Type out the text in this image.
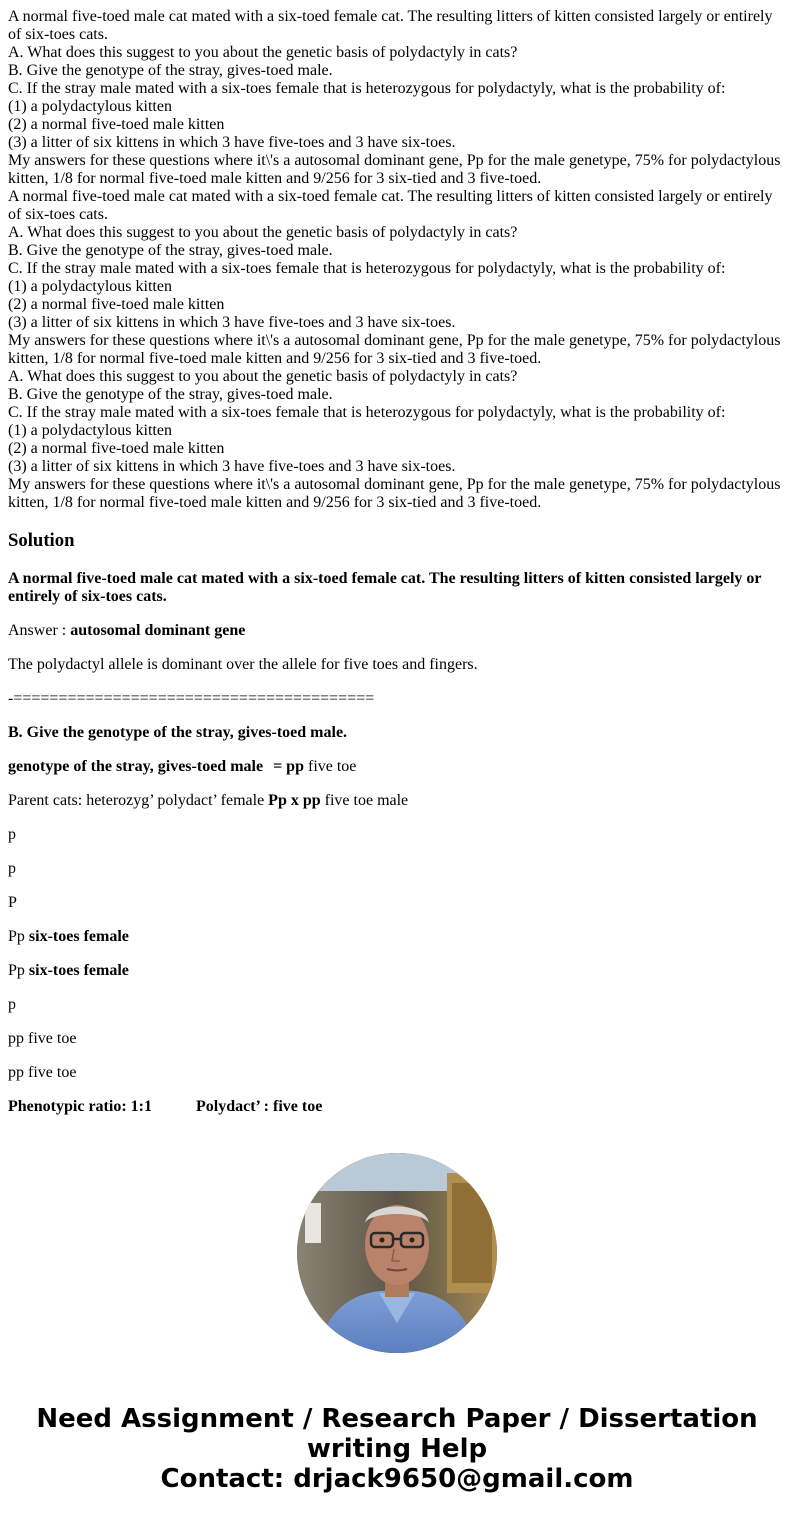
A normal five-toed male cat mated with a six-toed female cat. The resulting litters of kitten consisted largely or entirely of six-toes cats.
A. What does this suggest to you about the genetic basis of polydactyly in cats?
B. Give the genotype of the stray, gives-toed male.
C. If the stray male mated with a six-toes female that is heterozygous for polydactyly, what is the probability of:
(1) a polydactylous kitten
(2) a normal five-toed male kitten
(3) a litter of six kittens in which 3 have five-toes and 3 have six-toes.
My answers for these questions where it\'s a autosomal dominant gene, Pp for the male genetype, 75% for polydactylous kitten, 1/8 for normal five-toed male kitten and 9/256 for 3 six-tied and 3 five-toed.
A normal five-toed male cat mated with a six-toed female cat. The resulting litters of kitten consisted largely or entirely of six-toes cats.
A. What does this suggest to you about the genetic basis of polydactyly in cats?
B. Give the genotype of the stray, gives-toed male.
C. If the stray male mated with a six-toes female that is heterozygous for polydactyly, what is the probability of:
(1) a polydactylous kitten
(2) a normal five-toed male kitten
(3) a litter of six kittens in which 3 have five-toes and 3 have six-toes.
My answers for these questions where it\'s a autosomal dominant gene, Pp for the male genetype, 75% for polydactylous kitten, 1/8 for normal five-toed male kitten and 9/256 for 3 six-tied and 3 five-toed.
A. What does this suggest to you about the genetic basis of polydactyly in cats?
B. Give the genotype of the stray, gives-toed male.
C. If the stray male mated with a six-toes female that is heterozygous for polydactyly, what is the probability of:
(1) a polydactylous kitten
(2) a normal five-toed male kitten
(3) a litter of six kittens in which 3 have five-toes and 3 have six-toes.
My answers for these questions where it\'s a autosomal dominant gene, Pp for the male genetype, 75% for polydactylous kitten, 1/8 for normal five-toed male kitten and 9/256 for 3 six-tied and 3 five-toed.
Solution

A normal five-toed male cat mated with a six-toed female cat. The resulting litters of kitten consisted largely or entirely of six-toes cats.

Answer : autosomal dominant gene

The polydactyl allele is dominant over the allele for five toes and fingers.

-========================================

B. Give the genotype of the stray, gives-toed male.

genotype of the stray, gives-toed male = pp five toe

Parent cats: heterozyg’ polydact’ female Pp x pp five toe male

p

p

P

Pp six-toes female

Pp six-toes female

p

pp five toe

pp five toe

Phenotypic ratio: 1:1	Polydact’ : five toe

Need Assignment / Research Paper / Dissertation
writing Help
Contact: drjack9650@gmail.com
